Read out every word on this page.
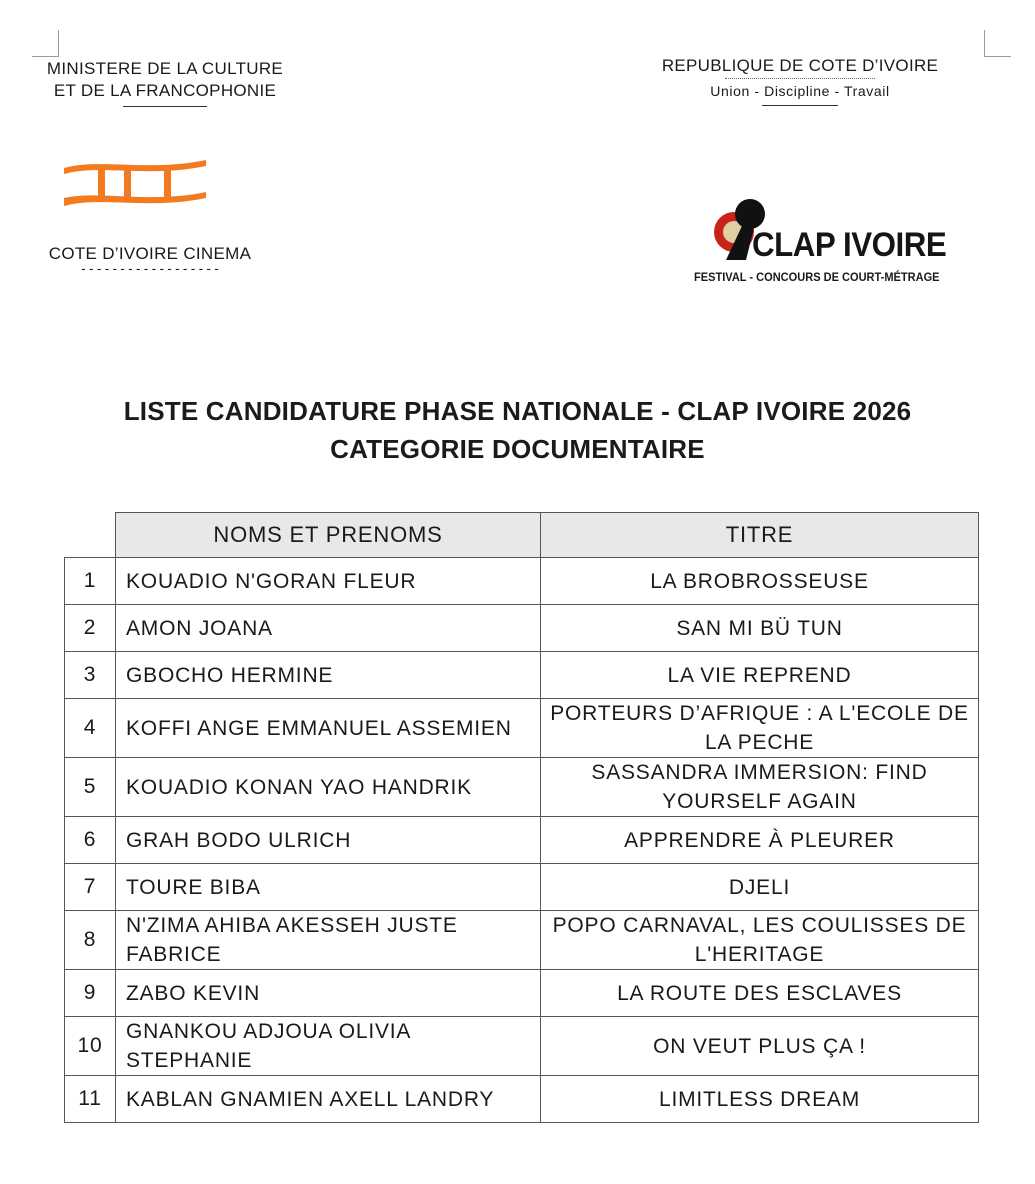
MINISTERE DE LA CULTURE
ET DE LA FRANCOPHONIE
REPUBLIQUE DE COTE D’IVOIRE
Union - Discipline - Travail
COTE D’IVOIRE CINEMA
------------------
CLAP IVOIRE
FESTIVAL - CONCOURS DE COURT-MÉTRAGE
LISTE CANDIDATURE PHASE NATIONALE - CLAP IVOIRE 2026
CATEGORIE DOCUMENTAIRE
	NOMS ET PRENOMS	TITRE
1	KOUADIO N'GORAN FLEUR	LA BROBROSSEUSE
2	AMON JOANA	SAN MI BÜ TUN
3	GBOCHO HERMINE	LA VIE REPREND
4	KOFFI ANGE EMMANUEL ASSEMIEN	PORTEURS D’AFRIQUE : A L'ECOLE DE LA PECHE
5	KOUADIO KONAN YAO HANDRIK	SASSANDRA IMMERSION: FIND YOURSELF AGAIN
6	GRAH BODO ULRICH	APPRENDRE À PLEURER
7	TOURE BIBA	DJELI
8	N'ZIMA AHIBA AKESSEH JUSTE FABRICE	POPO CARNAVAL, LES COULISSES DE L'HERITAGE
9	ZABO KEVIN	LA ROUTE DES ESCLAVES
10	GNANKOU ADJOUA OLIVIA STEPHANIE	ON VEUT PLUS ÇA !
11	KABLAN GNAMIEN AXELL LANDRY	LIMITLESS DREAM
